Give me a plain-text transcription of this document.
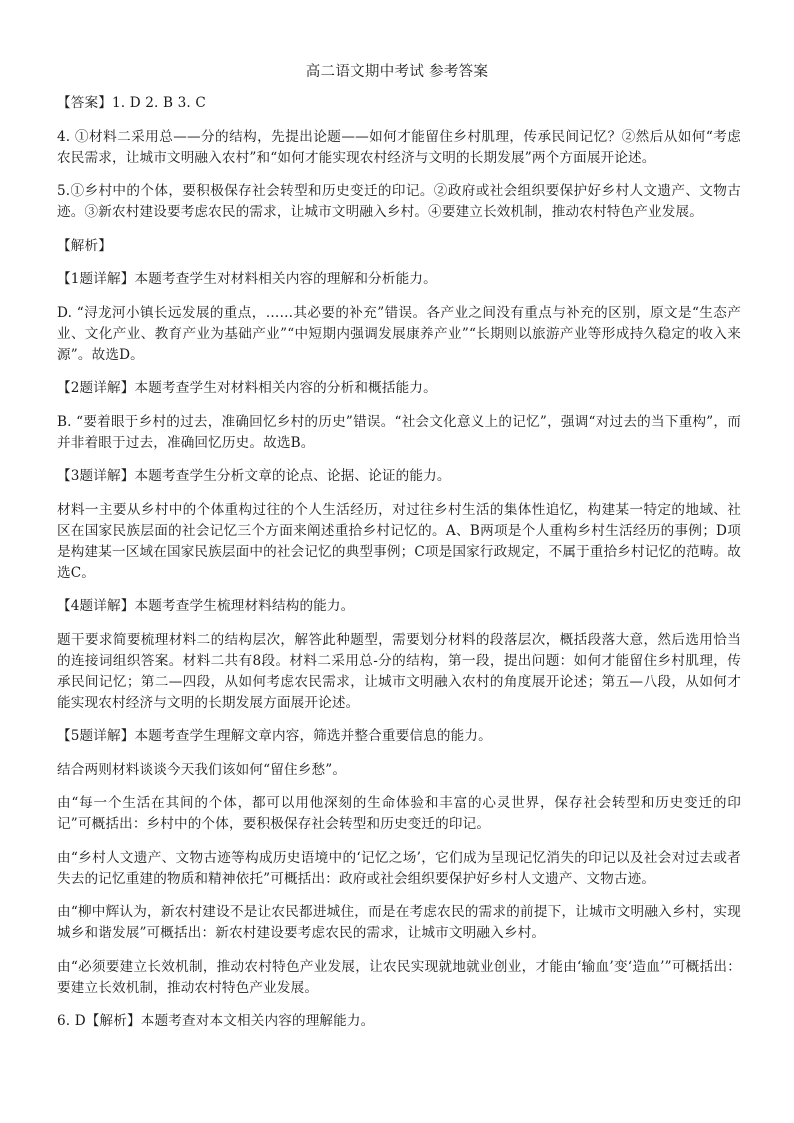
高二语文期中考试 参考答案

【答案】1. D 2. B 3. C

4. ①材料二采用总——分的结构，先提出论题——如何才能留住乡村肌理，传承民间记忆？②然后从如何“考虑农民需求，让城市文明融入农村”和“如何才能实现农村经济与文明的长期发展”两个方面展开论述。

5.①乡村中的个体，要积极保存社会转型和历史变迁的印记。②政府或社会组织要保护好乡村人文遗产、文物古迹。③新农村建设要考虑农民的需求，让城市文明融入乡村。④要建立长效机制，推动农村特色产业发展。

【解析】

【1题详解】本题考查学生对材料相关内容的理解和分析能力。

D. “浔龙河小镇长远发展的重点，……其必要的补充”错误。各产业之间没有重点与补充的区别，原文是“生态产业、文化产业、教育产业为基础产业”“中短期内强调发展康养产业”“长期则以旅游产业等形成持久稳定的收入来源”。故选D。

【2题详解】本题考查学生对材料相关内容的分析和概括能力。

B. “要着眼于乡村的过去，准确回忆乡村的历史”错误。“社会文化意义上的记忆”，强调“对过去的当下重构”，而并非着眼于过去，准确回忆历史。故选B。

【3题详解】本题考查学生分析文章的论点、论据、论证的能力。

材料一主要从乡村中的个体重构过往的个人生活经历，对过往乡村生活的集体性追忆，构建某一特定的地域、社区在国家民族层面的社会记忆三个方面来阐述重拾乡村记忆的。A、B两项是个人重构乡村生活经历的事例；D项是构建某一区域在国家民族层面中的社会记忆的典型事例；C项是国家行政规定，不属于重拾乡村记忆的范畴。故选C。

【4题详解】本题考查学生梳理材料结构的能力。

题干要求简要梳理材料二的结构层次，解答此种题型，需要划分材料的段落层次，概括段落大意，然后选用恰当的连接词组织答案。材料二共有8段。材料二采用总-分的结构，第一段，提出问题：如何才能留住乡村肌理，传承民间记忆；第二—四段，从如何考虑农民需求，让城市文明融入农村的角度展开论述；第五—八段，从如何才能实现农村经济与文明的长期发展方面展开论述。

【5题详解】本题考查学生理解文章内容，筛选并整合重要信息的能力。

结合两则材料谈谈今天我们该如何“留住乡愁”。

由“每一个生活在其间的个体，都可以用他深刻的生命体验和丰富的心灵世界，保存社会转型和历史变迁的印记”可概括出：乡村中的个体，要积极保存社会转型和历史变迁的印记。

由“乡村人文遗产、文物古迹等构成历史语境中的‘记忆之场’，它们成为呈现记忆消失的印记以及社会对过去或者失去的记忆重建的物质和精神依托”可概括出：政府或社会组织要保护好乡村人文遗产、文物古迹。

由“柳中辉认为，新农村建设不是让农民都进城住，而是在考虑农民的需求的前提下，让城市文明融入乡村，实现城乡和谐发展”可概括出：新农村建设要考虑农民的需求，让城市文明融入乡村。

由“必须要建立长效机制，推动农村特色产业发展，让农民实现就地就业创业，才能由‘输血’变‘造血’”可概括出：要建立长效机制，推动农村特色产业发展。

6. D【解析】本题考查对本文相关内容的理解能力。
